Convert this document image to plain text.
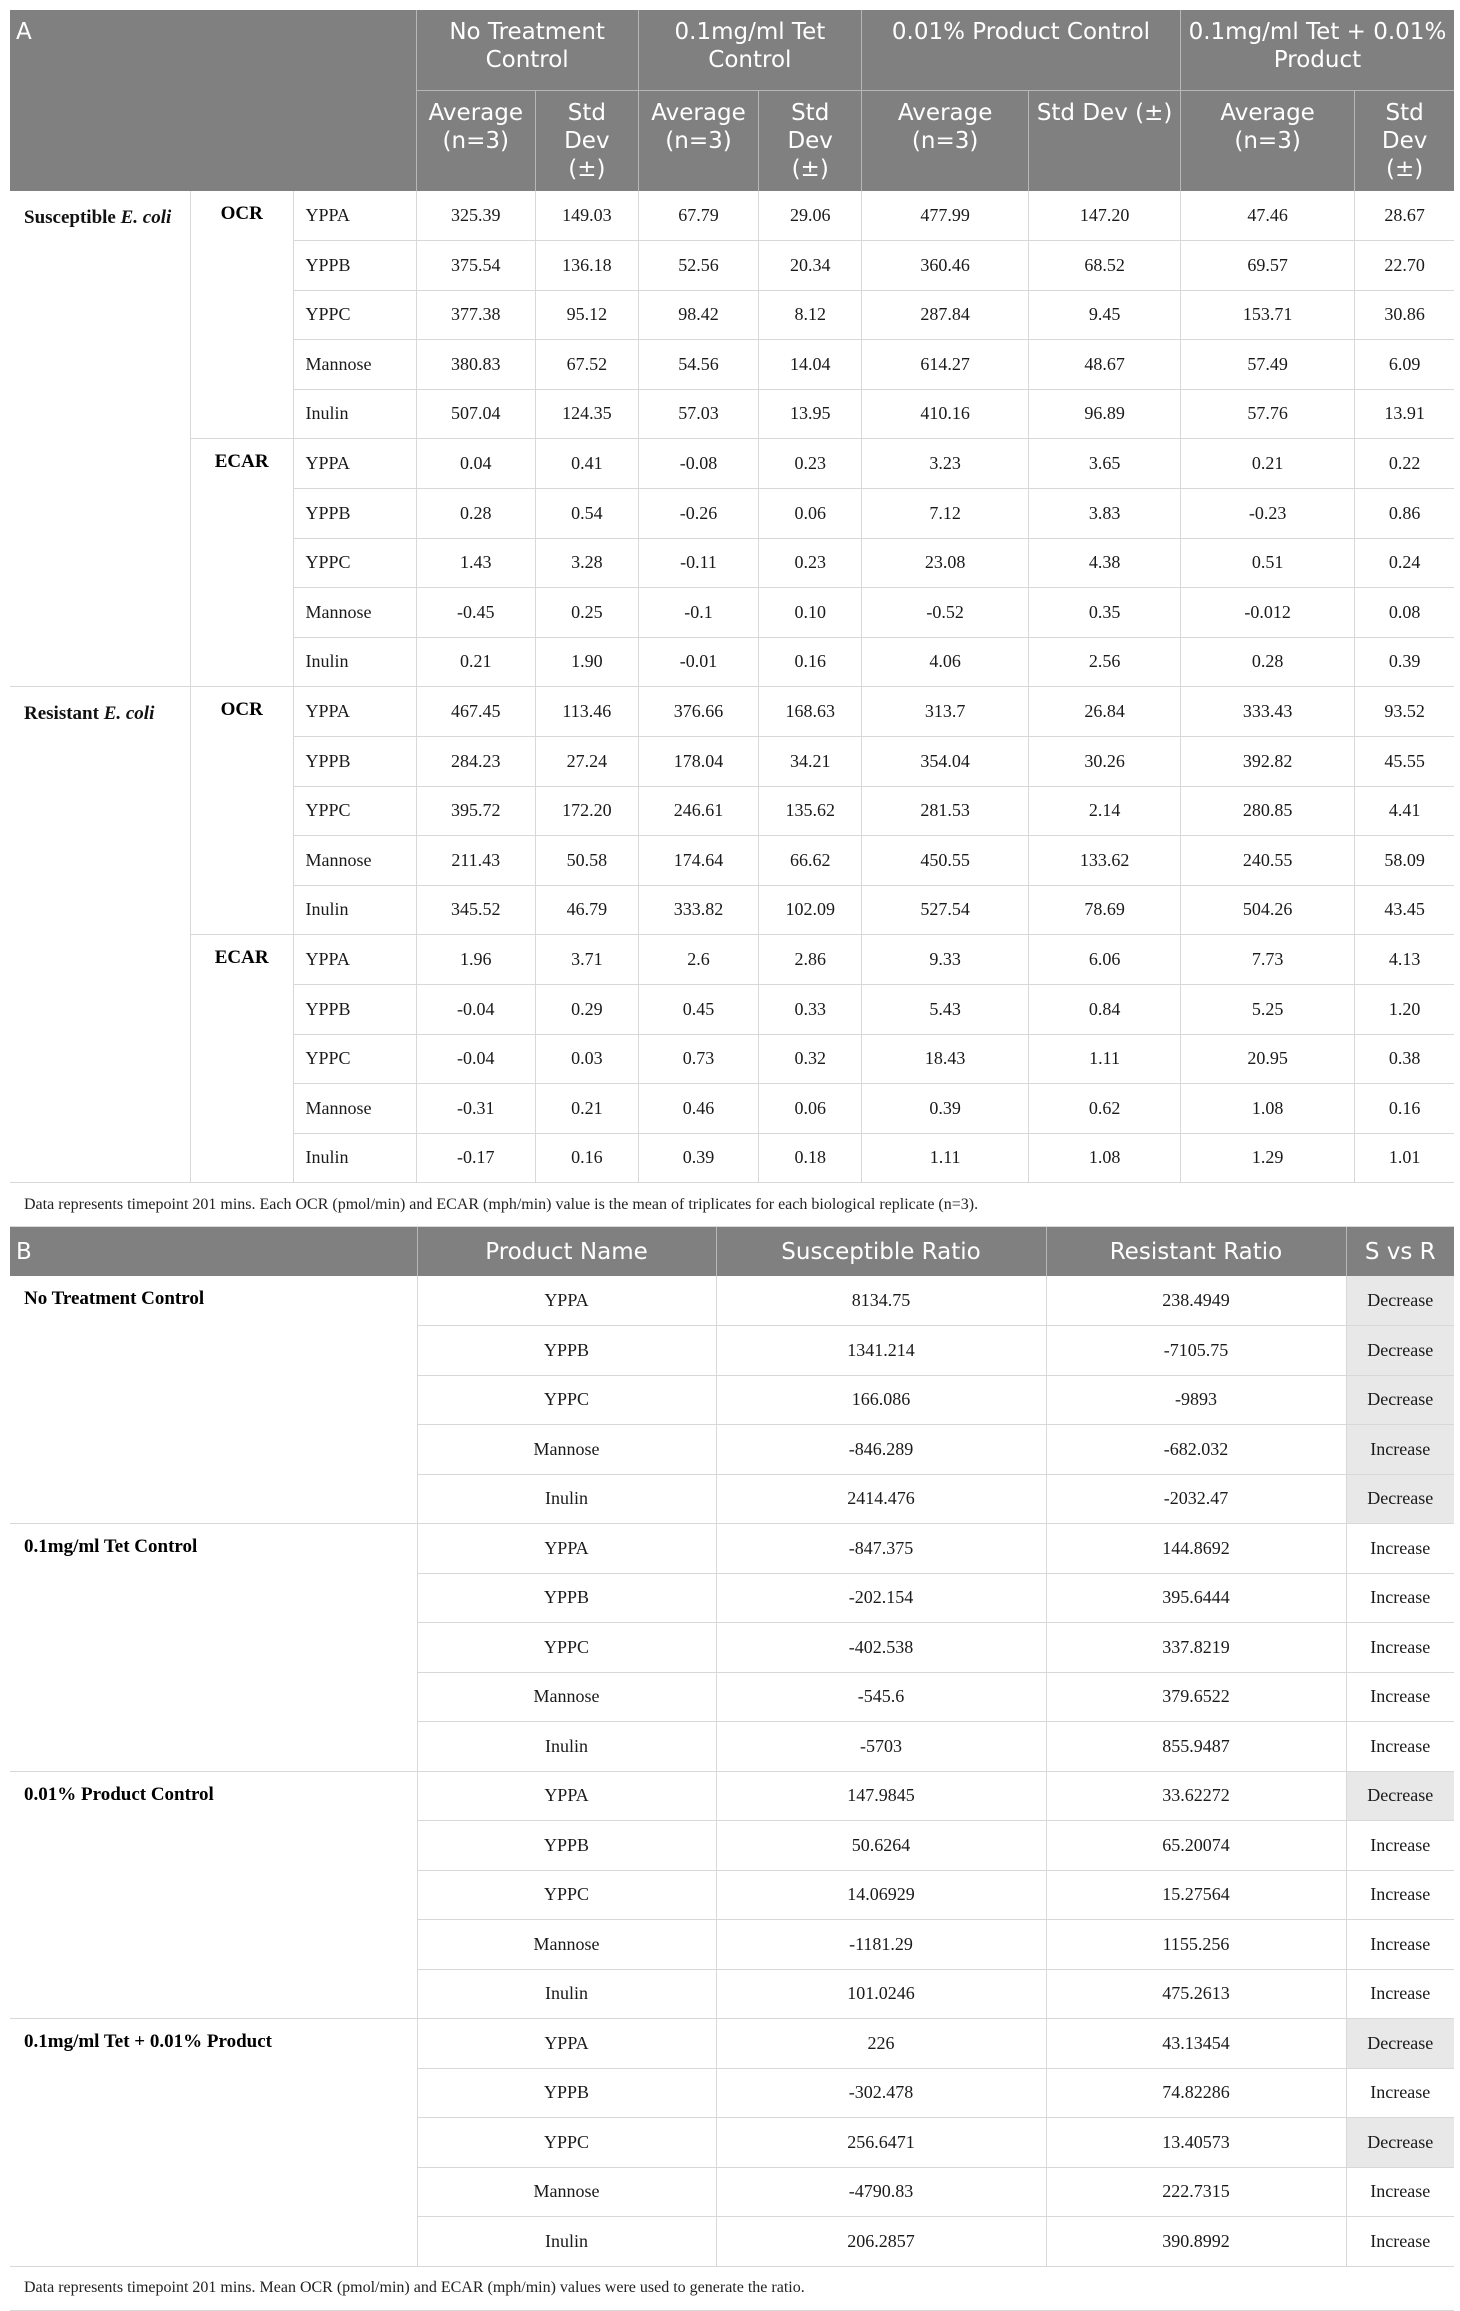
A			No Treatment Control		0.1mg/ml Tet Control		0.01% Product Control		0.1mg/ml Tet + 0.01% Product	
			Average (n=3)	Std Dev (±)	Average (n=3)	Std Dev (±)	Average (n=3)	Std Dev (±)	Average (n=3)	Std Dev (±)
Susceptible E. coli	OCR	YPPA	325.39	149.03	67.79	29.06	477.99	147.20	47.46	28.67
		YPPB	375.54	136.18	52.56	20.34	360.46	68.52	69.57	22.70
		YPPC	377.38	95.12	98.42	8.12	287.84	9.45	153.71	30.86
		Mannose	380.83	67.52	54.56	14.04	614.27	48.67	57.49	6.09
		Inulin	507.04	124.35	57.03	13.95	410.16	96.89	57.76	13.91
	ECAR	YPPA	0.04	0.41	-0.08	0.23	3.23	3.65	0.21	0.22
		YPPB	0.28	0.54	-0.26	0.06	7.12	3.83	-0.23	0.86
		YPPC	1.43	3.28	-0.11	0.23	23.08	4.38	0.51	0.24
		Mannose	-0.45	0.25	-0.1	0.10	-0.52	0.35	-0.012	0.08
		Inulin	0.21	1.90	-0.01	0.16	4.06	2.56	0.28	0.39
Resistant E. coli	OCR	YPPA	467.45	113.46	376.66	168.63	313.7	26.84	333.43	93.52
		YPPB	284.23	27.24	178.04	34.21	354.04	30.26	392.82	45.55
		YPPC	395.72	172.20	246.61	135.62	281.53	2.14	280.85	4.41
		Mannose	211.43	50.58	174.64	66.62	450.55	133.62	240.55	58.09
		Inulin	345.52	46.79	333.82	102.09	527.54	78.69	504.26	43.45
	ECAR	YPPA	1.96	3.71	2.6	2.86	9.33	6.06	7.73	4.13
		YPPB	-0.04	0.29	0.45	0.33	5.43	0.84	5.25	1.20
		YPPC	-0.04	0.03	0.73	0.32	18.43	1.11	20.95	0.38
		Mannose	-0.31	0.21	0.46	0.06	0.39	0.62	1.08	0.16
		Inulin	-0.17	0.16	0.39	0.18	1.11	1.08	1.29	1.01
Data represents timepoint 201 mins. Each OCR (pmol/min) and ECAR (mph/min) value is the mean of triplicates for each biological replicate (n=3).										
B	Product Name	Susceptible Ratio	Resistant Ratio	S vs R
No Treatment Control	YPPA	8134.75	238.4949	Decrease
	YPPB	1341.214	-7105.75	Decrease
	YPPC	166.086	-9893	Decrease
	Mannose	-846.289	-682.032	Increase
	Inulin	2414.476	-2032.47	Decrease
0.1mg/ml Tet Control	YPPA	-847.375	144.8692	Increase
	YPPB	-202.154	395.6444	Increase
	YPPC	-402.538	337.8219	Increase
	Mannose	-545.6	379.6522	Increase
	Inulin	-5703	855.9487	Increase
0.01% Product Control	YPPA	147.9845	33.62272	Decrease
	YPPB	50.6264	65.20074	Increase
	YPPC	14.06929	15.27564	Increase
	Mannose	-1181.29	1155.256	Increase
	Inulin	101.0246	475.2613	Increase
0.1mg/ml Tet + 0.01% Product	YPPA	226	43.13454	Decrease
	YPPB	-302.478	74.82286	Increase
	YPPC	256.6471	13.40573	Decrease
	Mannose	-4790.83	222.7315	Increase
	Inulin	206.2857	390.8992	Increase
Data represents timepoint 201 mins. Mean OCR (pmol/min) and ECAR (mph/min) values were used to generate the ratio.				
